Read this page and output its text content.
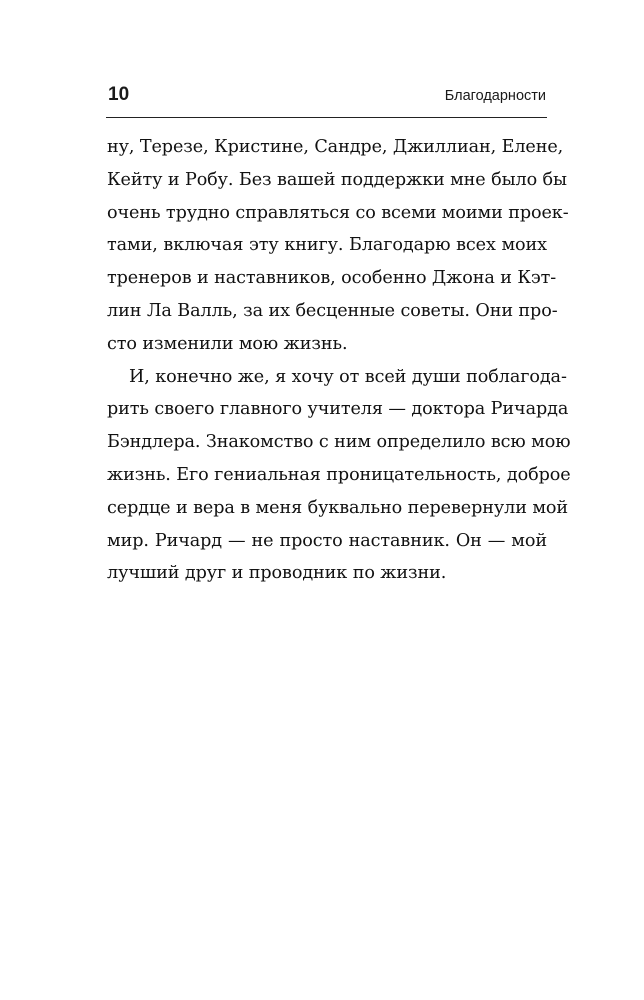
10	Благодарности
ну, Терезе, Кристине, Сандре, Джиллиан, Елене,
Кейту и Робу. Без вашей поддержки мне было бы
очень трудно справляться со всеми моими проек-
тами, включая эту книгу. Благодарю всех моих
тренеров и наставников, особенно Джона и Кэт-
лин Ла Валль, за их бесценные советы. Они про-
сто изменили мою жизнь.
И, конечно же, я хочу от всей души поблагода-
рить своего главного учителя — доктора Ричарда
Бэндлера. Знакомство с ним определило всю мою
жизнь. Его гениальная проницательность, доброе
сердце и вера в меня буквально перевернули мой
мир. Ричард — не просто наставник. Он — мой
лучший друг и проводник по жизни.
